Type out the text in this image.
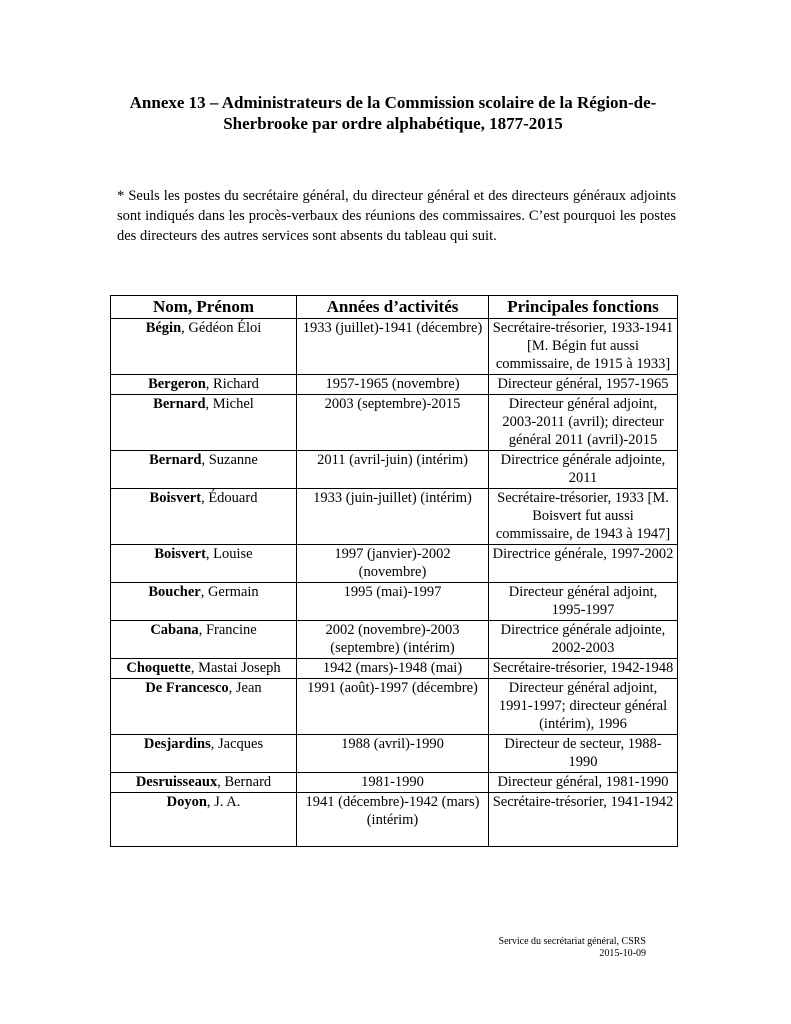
Annexe 13 – Administrateurs de la Commission scolaire de la Région-de-Sherbrooke par ordre alphabétique, 1877-2015

* Seuls les postes du secrétaire général, du directeur général et des directeurs généraux adjoints sont indiqués dans les procès-verbaux des réunions des commissaires. C’est pourquoi les postes des directeurs des autres services sont absents du tableau qui suit.

Nom, Prénom	Années d’activités	Principales fonctions
Bégin, Gédéon Éloi	1933 (juillet)-1941 (décembre)	Secrétaire-trésorier, 1933-1941 [M. Bégin fut aussi commissaire, de 1915 à 1933]
Bergeron, Richard	1957-1965 (novembre)	Directeur général, 1957-1965
Bernard, Michel	2003 (septembre)-2015	Directeur général adjoint, 2003-2011 (avril); directeur général 2011 (avril)-2015
Bernard, Suzanne	2011 (avril-juin) (intérim)	Directrice générale adjointe, 2011
Boisvert, Édouard	1933 (juin-juillet) (intérim)	Secrétaire-trésorier, 1933 [M. Boisvert fut aussi commissaire, de 1943 à 1947]
Boisvert, Louise	1997 (janvier)-2002 (novembre)	Directrice générale, 1997-2002
Boucher, Germain	1995 (mai)-1997	Directeur général adjoint, 1995-1997
Cabana, Francine	2002 (novembre)-2003 (septembre) (intérim)	Directrice générale adjointe, 2002-2003
Choquette, Mastai Joseph	1942 (mars)-1948 (mai)	Secrétaire-trésorier, 1942-1948
De Francesco, Jean	1991 (août)-1997 (décembre)	Directeur général adjoint, 1991-1997; directeur général (intérim), 1996
Desjardins, Jacques	1988 (avril)-1990	Directeur de secteur, 1988-1990
Desruisseaux, Bernard	1981-1990	Directeur général, 1981-1990
Doyon, J. A.	1941 (décembre)-1942 (mars) (intérim)	Secrétaire-trésorier, 1941-1942
Service du secrétariat général, CSRS
2015-10-09
